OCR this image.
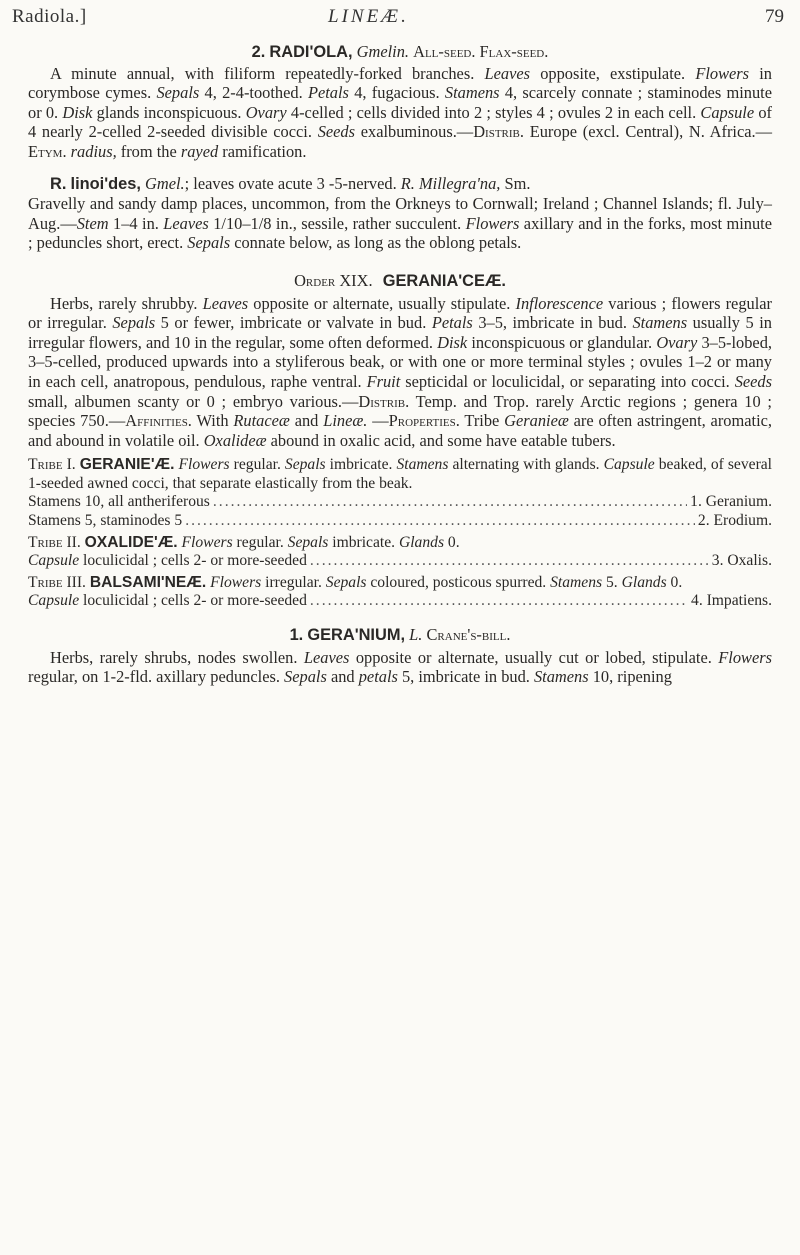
Radiola.]	LINEÆ.	79

2. RADI'OLA, Gmelin. All-seed. Flax-seed.

A minute annual, with filiform repeatedly-forked branches. Leaves opposite, exstipulate. Flowers in corymbose cymes. Sepals 4, 2-4-toothed. Petals 4, fugacious. Stamens 4, scarcely connate ; staminodes minute or 0. Disk glands inconspicuous. Ovary 4-celled ; cells divided into 2 ; styles 4 ; ovules 2 in each cell. Capsule of 4 nearly 2-celled 2-seeded divisible cocci. Seeds exalbuminous.—Distrib. Europe (excl. Central), N. Africa.—Etym. radius, from the rayed ramification.

R. linoi'des, Gmel.; leaves ovate acute 3 -5-nerved. R. Millegra'na, Sm.

Gravelly and sandy damp places, uncommon, from the Orkneys to Cornwall; Ireland ; Channel Islands; fl. July–Aug.—Stem 1–4 in. Leaves 1/10–1/8 in., sessile, rather succulent. Flowers axillary and in the forks, most minute ; peduncles short, erect. Sepals connate below, as long as the oblong petals.

Order XIX. GERANIA'CEÆ.

Herbs, rarely shrubby. Leaves opposite or alternate, usually stipulate. Inflorescence various ; flowers regular or irregular. Sepals 5 or fewer, imbricate or valvate in bud. Petals 3–5, imbricate in bud. Stamens usually 5 in irregular flowers, and 10 in the regular, some often deformed. Disk inconspicuous or glandular. Ovary 3–5-lobed, 3–5-celled, produced upwards into a styliferous beak, or with one or more terminal styles ; ovules 1–2 or many in each cell, anatropous, pendulous, raphe ventral. Fruit septicidal or loculicidal, or separating into cocci. Seeds small, albumen scanty or 0 ; embryo various.—Distrib. Temp. and Trop. rarely Arctic regions ; genera 10 ; species 750.—Affinities. With Rutaceæ and Lineæ. —Properties. Tribe Geranieæ are often astringent, aromatic, and abound in volatile oil. Oxalideæ abound in oxalic acid, and some have eatable tubers.

Tribe I. GERANIE'Æ. Flowers regular. Sepals imbricate. Stamens alternating with glands. Capsule beaked, of several 1-seeded awned cocci, that separate elastically from the beak.

Stamens 10, all antheriferous .....	1. Geranium.
Stamens 5, staminodes 5 .....	2. Erodium.

Tribe II. OXALIDE'Æ. Flowers regular. Sepals imbricate. Glands 0.

Capsule loculicidal ; cells 2- or more-seeded .....	3. Oxalis.

Tribe III. BALSAMI'NEÆ. Flowers irregular. Sepals coloured, posticous spurred. Stamens 5. Glands 0.

Capsule loculicidal ; cells 2- or more-seeded .....	4. Impatiens.

1. GERA'NIUM, L. Crane's-bill.

Herbs, rarely shrubs, nodes swollen. Leaves opposite or alternate, usually cut or lobed, stipulate. Flowers regular, on 1-2-fld. axillary peduncles. Sepals and petals 5, imbricate in bud. Stamens 10, ripening
